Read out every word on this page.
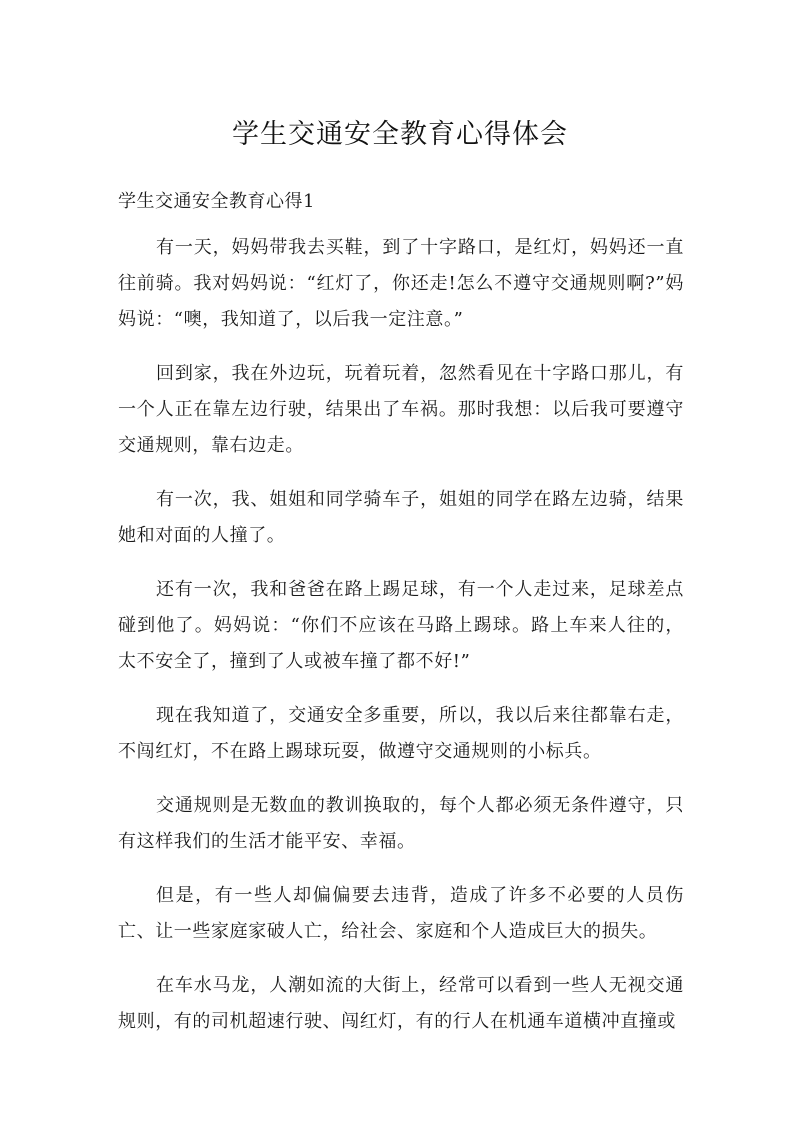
学生交通安全教育心得体会

学生交通安全教育心得1

有一天，妈妈带我去买鞋，到了十字路口，是红灯，妈妈还一直往前骑。我对妈妈说：“红灯了，你还走!怎么不遵守交通规则啊?”妈妈说：“噢，我知道了，以后我一定注意。”

回到家，我在外边玩，玩着玩着，忽然看见在十字路口那儿，有一个人正在靠左边行驶，结果出了车祸。那时我想：以后我可要遵守交通规则，靠右边走。

有一次，我、姐姐和同学骑车子，姐姐的同学在路左边骑，结果她和对面的人撞了。

还有一次，我和爸爸在路上踢足球，有一个人走过来，足球差点碰到他了。妈妈说：“你们不应该在马路上踢球。路上车来人往的，太不安全了，撞到了人或被车撞了都不好!”

现在我知道了，交通安全多重要，所以，我以后来往都靠右走，不闯红灯，不在路上踢球玩耍，做遵守交通规则的小标兵。

交通规则是无数血的教训换取的，每个人都必须无条件遵守，只有这样我们的生活才能平安、幸福。

但是，有一些人却偏偏要去违背，造成了许多不必要的人员伤亡、让一些家庭家破人亡，给社会、家庭和个人造成巨大的损失。

在车水马龙，人潮如流的大街上，经常可以看到一些人无视交通规则，有的司机超速行驶、闯红灯，有的行人在机通车道横冲直撞或
